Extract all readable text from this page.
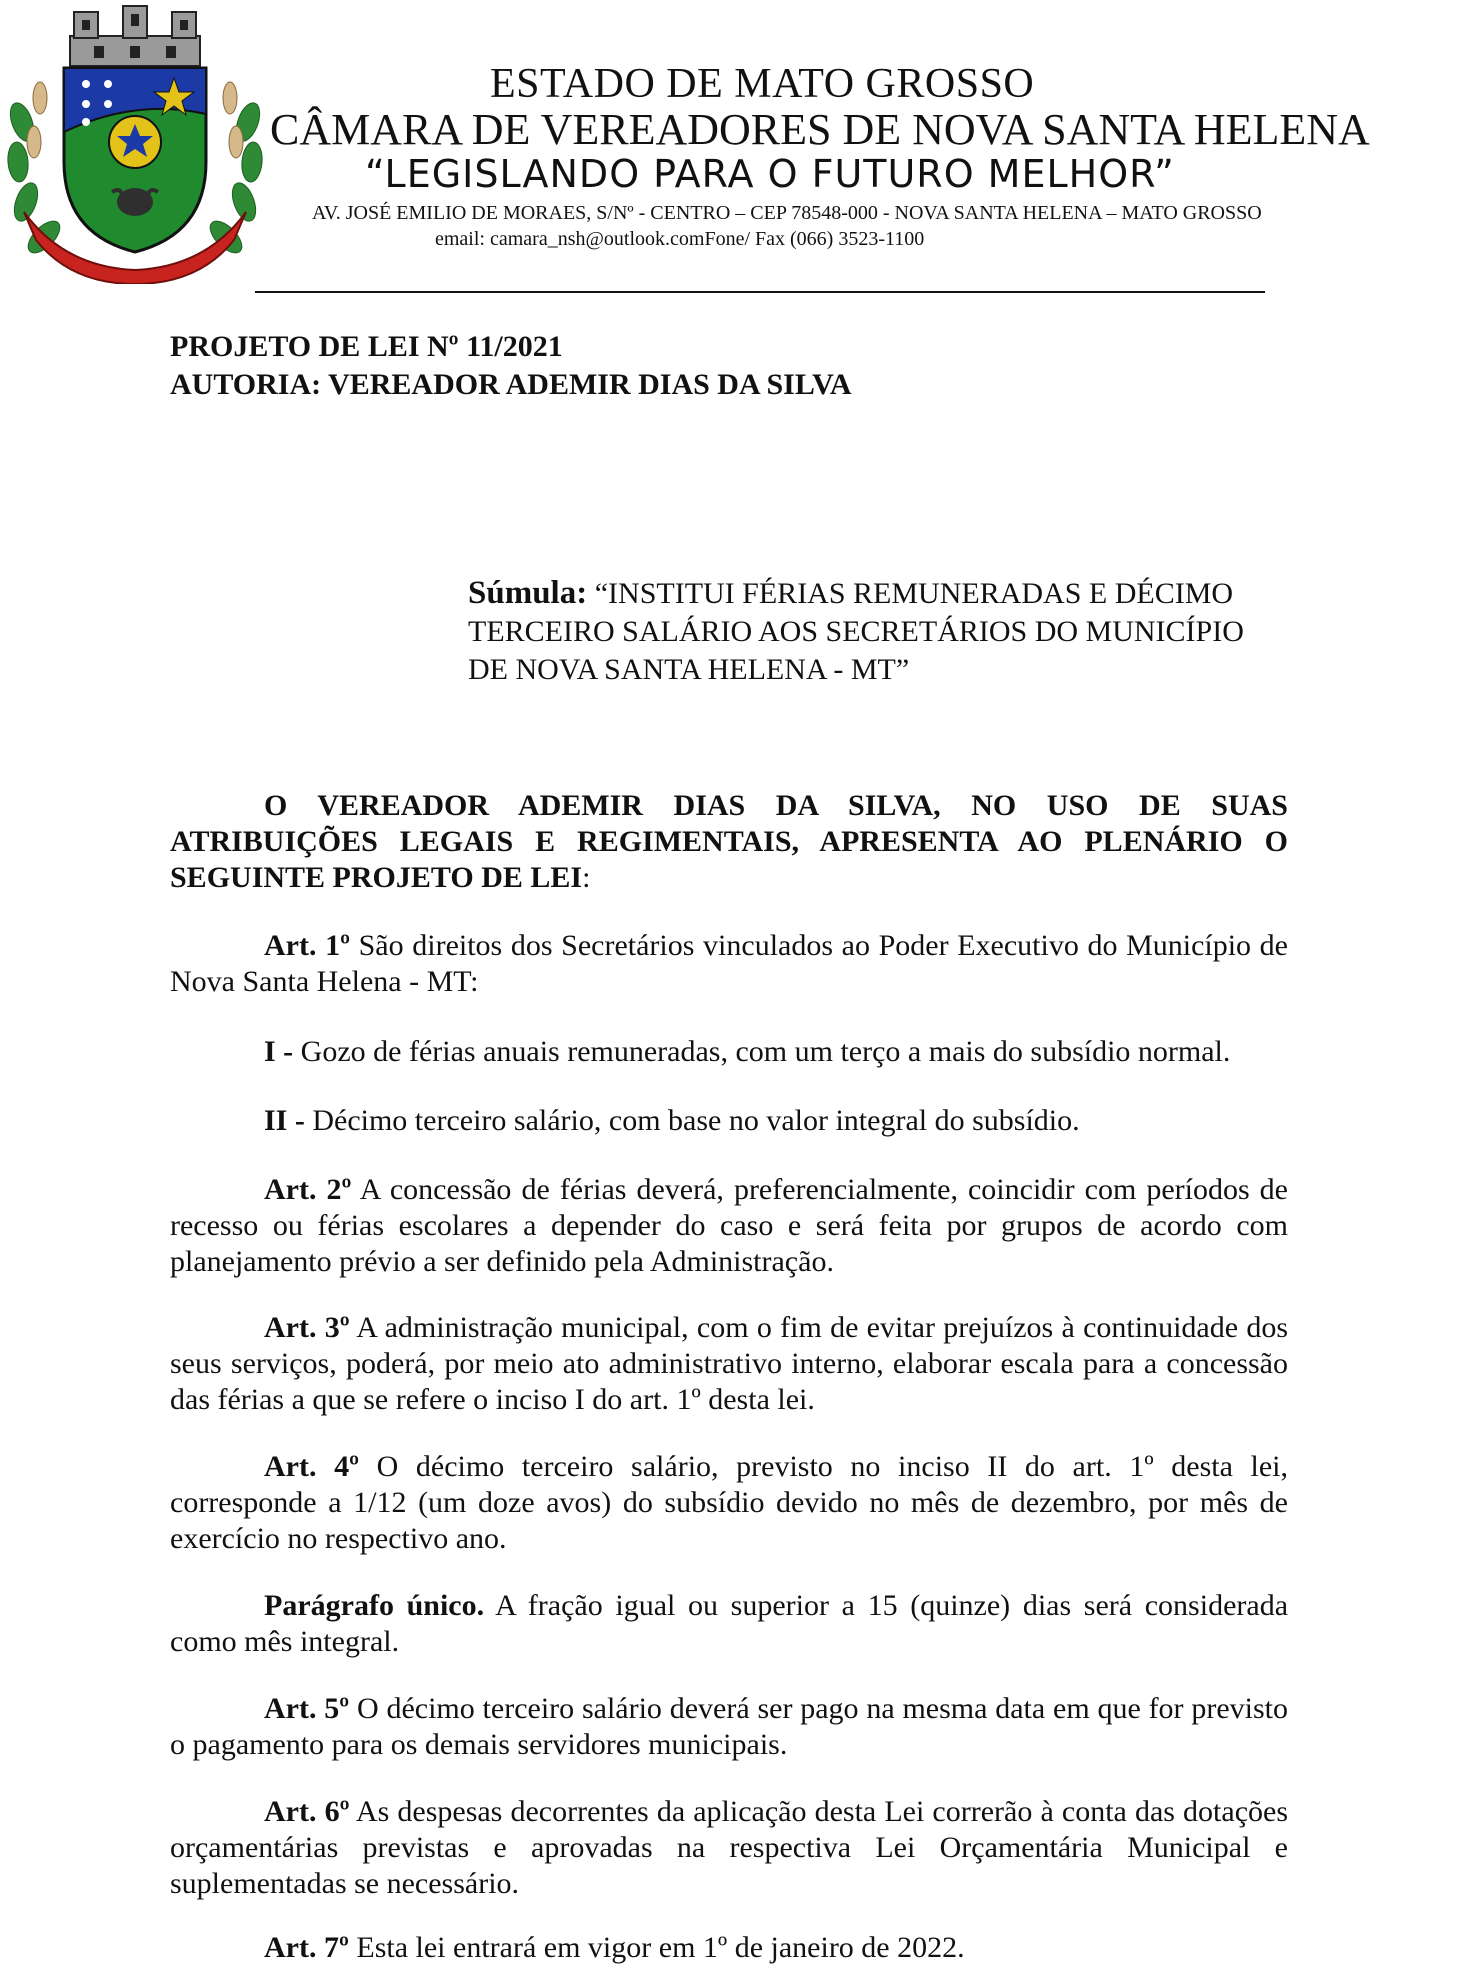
ESTADO DE MATO GROSSO
CÂMARA DE VEREADORES DE NOVA SANTA HELENA
“LEGISLANDO PARA O FUTURO MELHOR”
AV. JOSÉ EMILIO DE MORAES, S/Nº - CENTRO – CEP 78548-000 - NOVA SANTA HELENA – MATO GROSSO
email: camara_nsh@outlook.comFone/ Fax (066) 3523-1100
PROJETO DE LEI Nº 11/2021
AUTORIA: VEREADOR ADEMIR DIAS DA SILVA
Súmula: “INSTITUI FÉRIAS REMUNERADAS E DÉCIMO TERCEIRO SALÁRIO AOS SECRETÁRIOS DO MUNICÍPIO DE NOVA SANTA HELENA - MT”
O VEREADOR ADEMIR DIAS DA SILVA, NO USO DE SUAS ATRIBUIÇÕES LEGAIS E REGIMENTAIS, APRESENTA AO PLENÁRIO O SEGUINTE PROJETO DE LEI:
Art. 1º São direitos dos Secretários vinculados ao Poder Executivo do Município de Nova Santa Helena - MT:
I - Gozo de férias anuais remuneradas, com um terço a mais do subsídio normal.
II - Décimo terceiro salário, com base no valor integral do subsídio.
Art. 2º A concessão de férias deverá, preferencialmente, coincidir com períodos de recesso ou férias escolares a depender do caso e será feita por grupos de acordo com planejamento prévio a ser definido pela Administração.
Art. 3º A administração municipal, com o fim de evitar prejuízos à continuidade dos seus serviços, poderá, por meio ato administrativo interno, elaborar escala para a concessão das férias a que se refere o inciso I do art. 1º desta lei.
Art. 4º O décimo terceiro salário, previsto no inciso II do art. 1º desta lei, corresponde a 1/12 (um doze avos) do subsídio devido no mês de dezembro, por mês de exercício no respectivo ano.
Parágrafo único. A fração igual ou superior a 15 (quinze) dias será considerada como mês integral.
Art. 5º O décimo terceiro salário deverá ser pago na mesma data em que for previsto o pagamento para os demais servidores municipais.
Art. 6º As despesas decorrentes da aplicação desta Lei correrão à conta das dotações orçamentárias previstas e aprovadas na respectiva Lei Orçamentária Municipal e suplementadas se necessário.
Art. 7º Esta lei entrará em vigor em 1º de janeiro de 2022.
